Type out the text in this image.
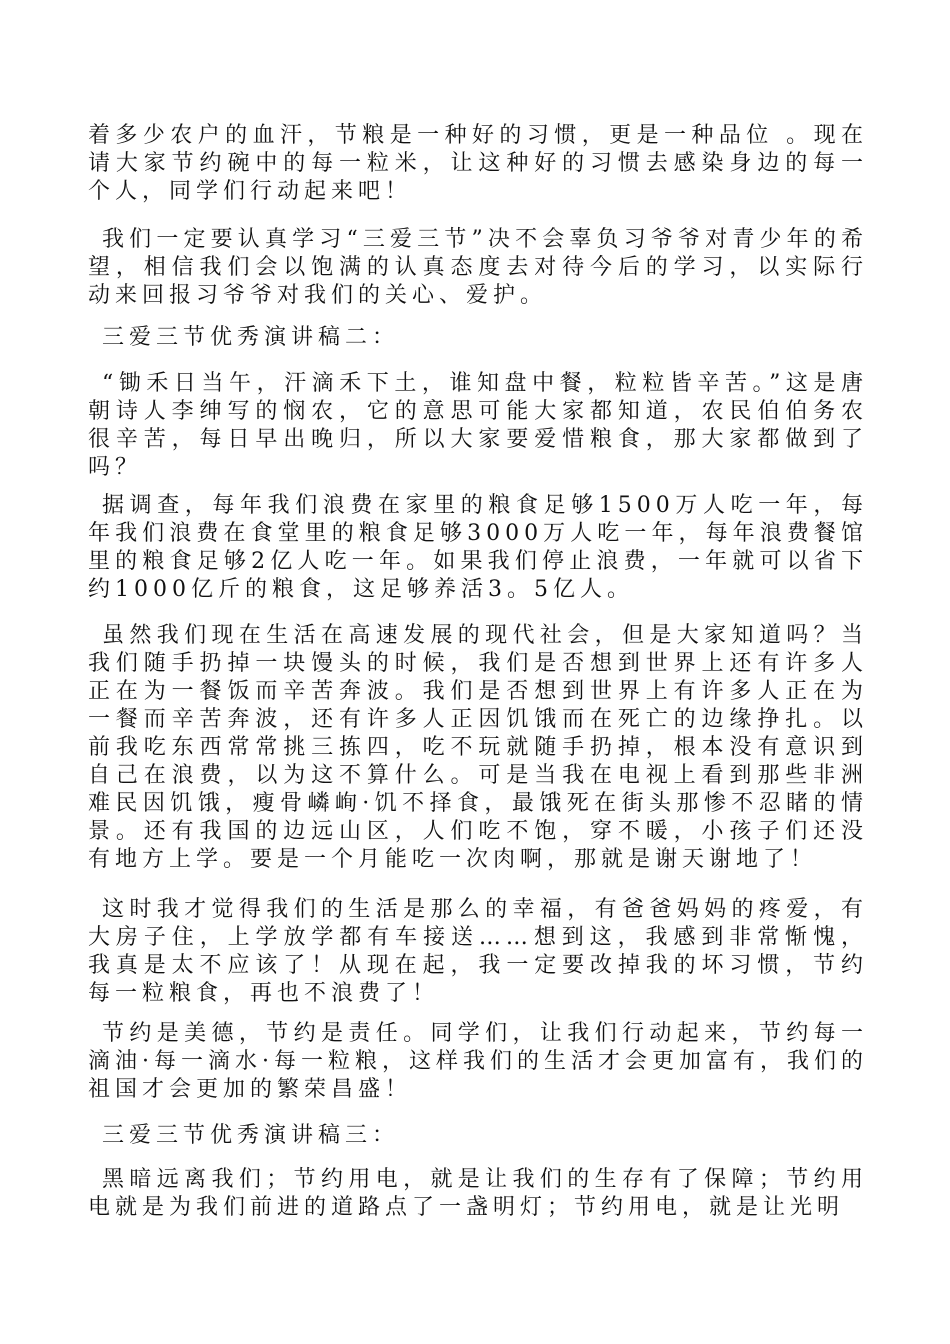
着多少农户的血汗，节粮是一种好的习惯，更是一种品位 。现在请大家节约碗中的每一粒米，让这种好的习惯去感染身边的每一个人，同学们行动起来吧！
我们一定要认真学习“三爱三节”决不会辜负习爷爷对青少年的希望，相信我们会以饱满的认真态度去对待今后的学习，以实际行动来回报习爷爷对我们的关心、爱护。
三爱三节优秀演讲稿二：
“锄禾日当午，汗滴禾下土，谁知盘中餐，粒粒皆辛苦。”这是唐朝诗人李绅写的悯农，它的意思可能大家都知道，农民伯伯务农很辛苦，每日早出晚归，所以大家要爱惜粮食，那大家都做到了吗？
据调查，每年我们浪费在家里的粮食足够1500万人吃一年，每年我们浪费在食堂里的粮食足够3000万人吃一年，每年浪费餐馆里的粮食足够2亿人吃一年。如果我们停止浪费，一年就可以省下约1000亿斤的粮食，这足够养活3。5亿人。
虽然我们现在生活在高速发展的现代社会，但是大家知道吗？当我们随手扔掉一块馒头的时候，我们是否想到世界上还有许多人正在为一餐饭而辛苦奔波。我们是否想到世界上有许多人正在为一餐而辛苦奔波，还有许多人正因饥饿而在死亡的边缘挣扎。以前我吃东西常常挑三拣四，吃不玩就随手扔掉，根本没有意识到自己在浪费，以为这不算什么。可是当我在电视上看到那些非洲难民因饥饿，瘦骨嶙峋·饥不择食，最饿死在街头那惨不忍睹的情景。还有我国的边远山区，人们吃不饱，穿不暖，小孩子们还没有地方上学。要是一个月能吃一次肉啊，那就是谢天谢地了！
这时我才觉得我们的生活是那么的幸福，有爸爸妈妈的疼爱，有大房子住，上学放学都有车接送……想到这，我感到非常惭愧，我真是太不应该了！从现在起，我一定要改掉我的坏习惯，节约每一粒粮食，再也不浪费了！
节约是美德，节约是责任。同学们，让我们行动起来，节约每一滴油·每一滴水·每一粒粮，这样我们的生活才会更加富有，我们的祖国才会更加的繁荣昌盛！
三爱三节优秀演讲稿三：
黑暗远离我们；节约用电，就是让我们的生存有了保障；节约用电就是为我们前进的道路点了一盏明灯；节约用电，就是让光明
